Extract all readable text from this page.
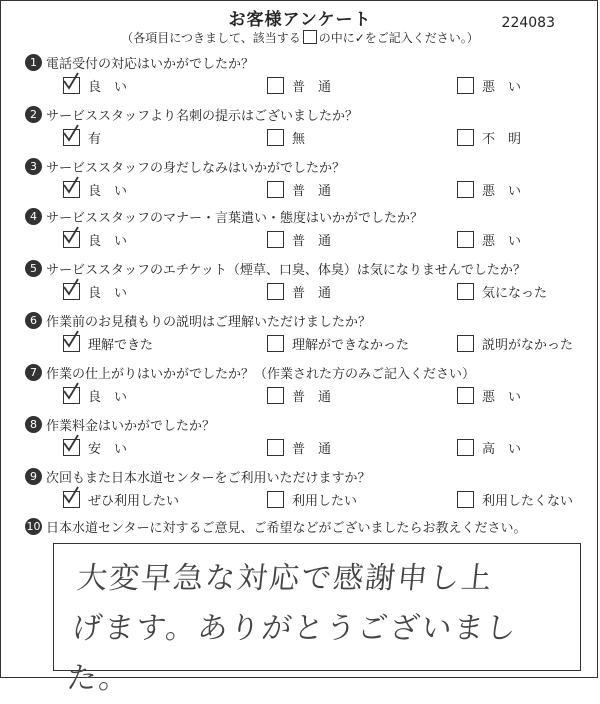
お客様アンケート	224083
（各項目につきまして、該当する の中に✓をご記入ください。）
1 電話受付の対応はいかがでしたか？
良　い	普　通	悪　い
2 サービススタッフより名刺の提示はございましたか？
有	無	不　明
3 サービススタッフの身だしなみはいかがでしたか？
良　い	普　通	悪　い
4 サービススタッフのマナー・言葉遣い・態度はいかがでしたか？
良　い	普　通	悪　い
5 サービススタッフのエチケット（煙草、口臭、体臭）は気になりませんでしたか？
良　い	普　通	気になった
6 作業前のお見積もりの説明はご理解いただけましたか？
理解できた	理解ができなかった	説明がなかった
7 作業の仕上がりはいかがでしたか？（作業された方のみご記入ください）
良　い	普　通	悪　い
8 作業料金はいかがでしたか？
安　い	普　通	高　い
9 次回もまた日本水道センターをご利用いただけますか？
ぜひ利用したい	利用したい	利用したくない
10 日本水道センターに対するご意見、ご希望などがございましたらお教えください。
大変早急な対応で感謝申し上
げます。ありがとうございました。
